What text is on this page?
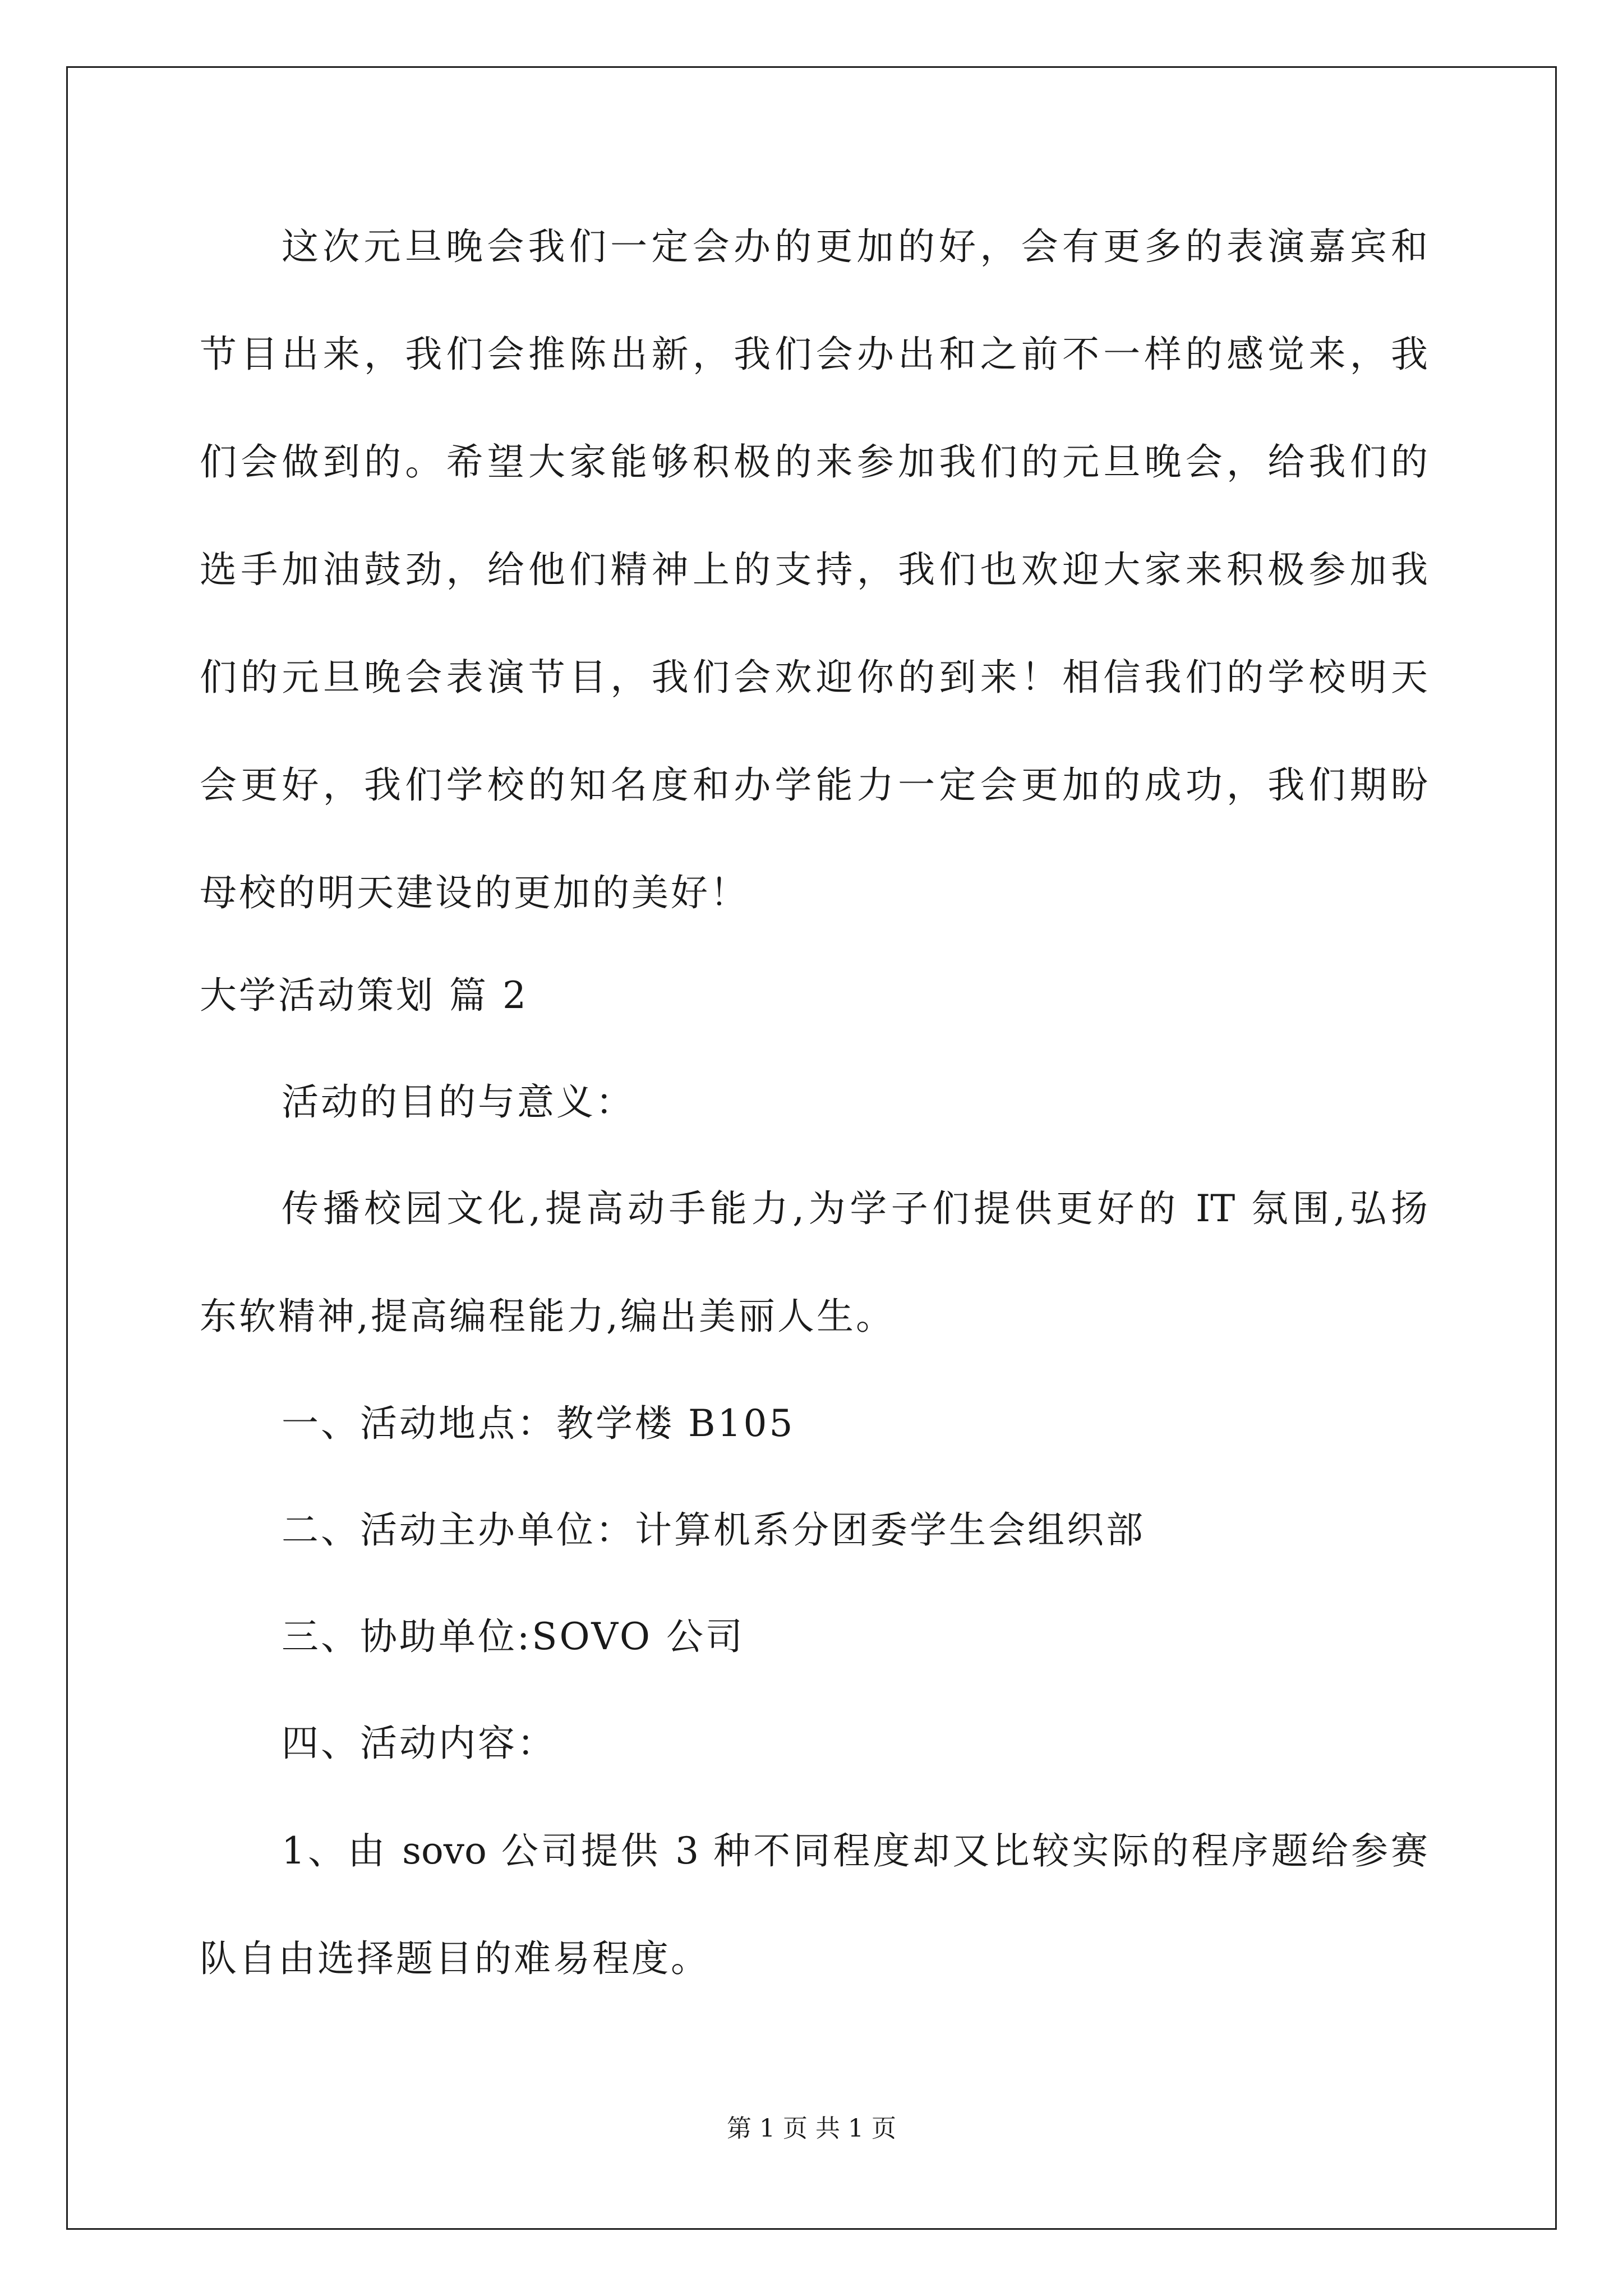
这次元旦晚会我们一定会办的更加的好，会有更多的表演嘉宾和
节目出来，我们会推陈出新，我们会办出和之前不一样的感觉来，我
们会做到的。希望大家能够积极的来参加我们的元旦晚会，给我们的
选手加油鼓劲，给他们精神上的支持，我们也欢迎大家来积极参加我
们的元旦晚会表演节目，我们会欢迎你的到来！相信我们的学校明天
会更好，我们学校的知名度和办学能力一定会更加的成功，我们期盼
母校的明天建设的更加的美好！
大学活动策划 篇 2
活动的目的与意义：
传播校园文化,提高动手能力,为学子们提供更好的 IT 氛围,弘扬
东软精神,提高编程能力,编出美丽人生。
一、活动地点：教学楼 B105
二、活动主办单位：计算机系分团委学生会组织部
三、协助单位:SOVO 公司
四、活动内容：
1、由 sovo 公司提供 3 种不同程度却又比较实际的程序题给参赛
队自由选择题目的难易程度。
第 1 页 共 1 页
